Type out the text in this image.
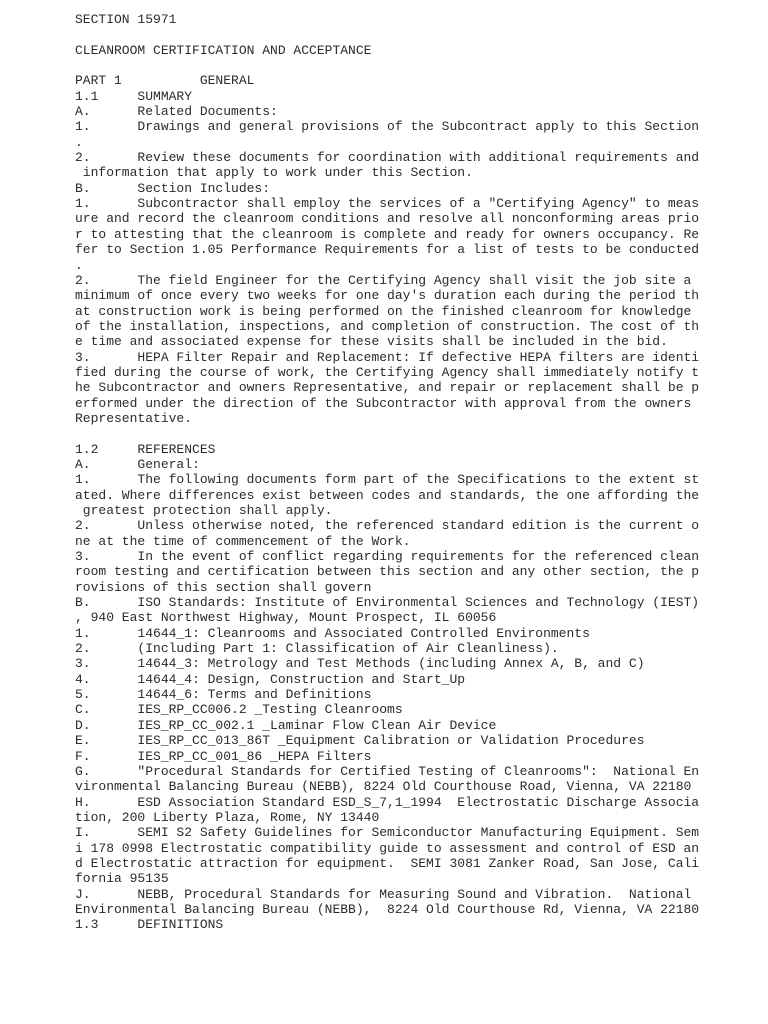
SECTION 15971
CLEANROOM CERTIFICATION AND ACCEPTANCE
PART 1          GENERAL
1.1     SUMMARY
A.      Related Documents:
1.      Drawings and general provisions of the Subcontract apply to this Section
.
2.      Review these documents for coordination with additional requirements and
information that apply to work under this Section.
B.      Section Includes:
1.      Subcontractor shall employ the services of a "Certifying Agency" to meas
ure and record the cleanroom conditions and resolve all nonconforming areas prio
r to attesting that the cleanroom is complete and ready for owners occupancy. Re
fer to Section 1.05 Performance Requirements for a list of tests to be conducted
.
2.      The field Engineer for the Certifying Agency shall visit the job site a
minimum of once every two weeks for one day's duration each during the period th
at construction work is being performed on the finished cleanroom for knowledge
of the installation, inspections, and completion of construction. The cost of th
e time and associated expense for these visits shall be included in the bid.
3.      HEPA Filter Repair and Replacement: If defective HEPA filters are identi
fied during the course of work, the Certifying Agency shall immediately notify t
he Subcontractor and owners Representative, and repair or replacement shall be p
erformed under the direction of the Subcontractor with approval from the owners
Representative.
1.2     REFERENCES
A.      General:
1.      The following documents form part of the Specifications to the extent st
ated. Where differences exist between codes and standards, the one affording the
greatest protection shall apply.
2.      Unless otherwise noted, the referenced standard edition is the current o
ne at the time of commencement of the Work.
3.      In the event of conflict regarding requirements for the referenced clean
room testing and certification between this section and any other section, the p
rovisions of this section shall govern
B.      ISO Standards: Institute of Environmental Sciences and Technology (IEST)
, 940 East Northwest Highway, Mount Prospect, IL 60056
1.      14644_1: Cleanrooms and Associated Controlled Environments
2.      (Including Part 1: Classification of Air Cleanliness).
3.      14644_3: Metrology and Test Methods (including Annex A, B, and C)
4.      14644_4: Design, Construction and Start_Up
5.      14644_6: Terms and Definitions
C.      IES_RP_CC006.2 _Testing Cleanrooms
D.      IES_RP_CC_002.1 _Laminar Flow Clean Air Device
E.      IES_RP_CC_013_86T _Equipment Calibration or Validation Procedures
F.      IES_RP_CC_001_86 _HEPA Filters
G.      "Procedural Standards for Certified Testing of Cleanrooms":  National En
vironmental Balancing Bureau (NEBB), 8224 Old Courthouse Road, Vienna, VA 22180
H.      ESD Association Standard ESD_S_7,1_1994  Electrostatic Discharge Associa
tion, 200 Liberty Plaza, Rome, NY 13440
I.      SEMI S2 Safety Guidelines for Semiconductor Manufacturing Equipment. Sem
i 178 0998 Electrostatic compatibility guide to assessment and control of ESD an
d Electrostatic attraction for equipment.  SEMI 3081 Zanker Road, San Jose, Cali
fornia 95135
J.      NEBB, Procedural Standards for Measuring Sound and Vibration.  National
Environmental Balancing Bureau (NEBB),  8224 Old Courthouse Rd, Vienna, VA 22180
1.3     DEFINITIONS
